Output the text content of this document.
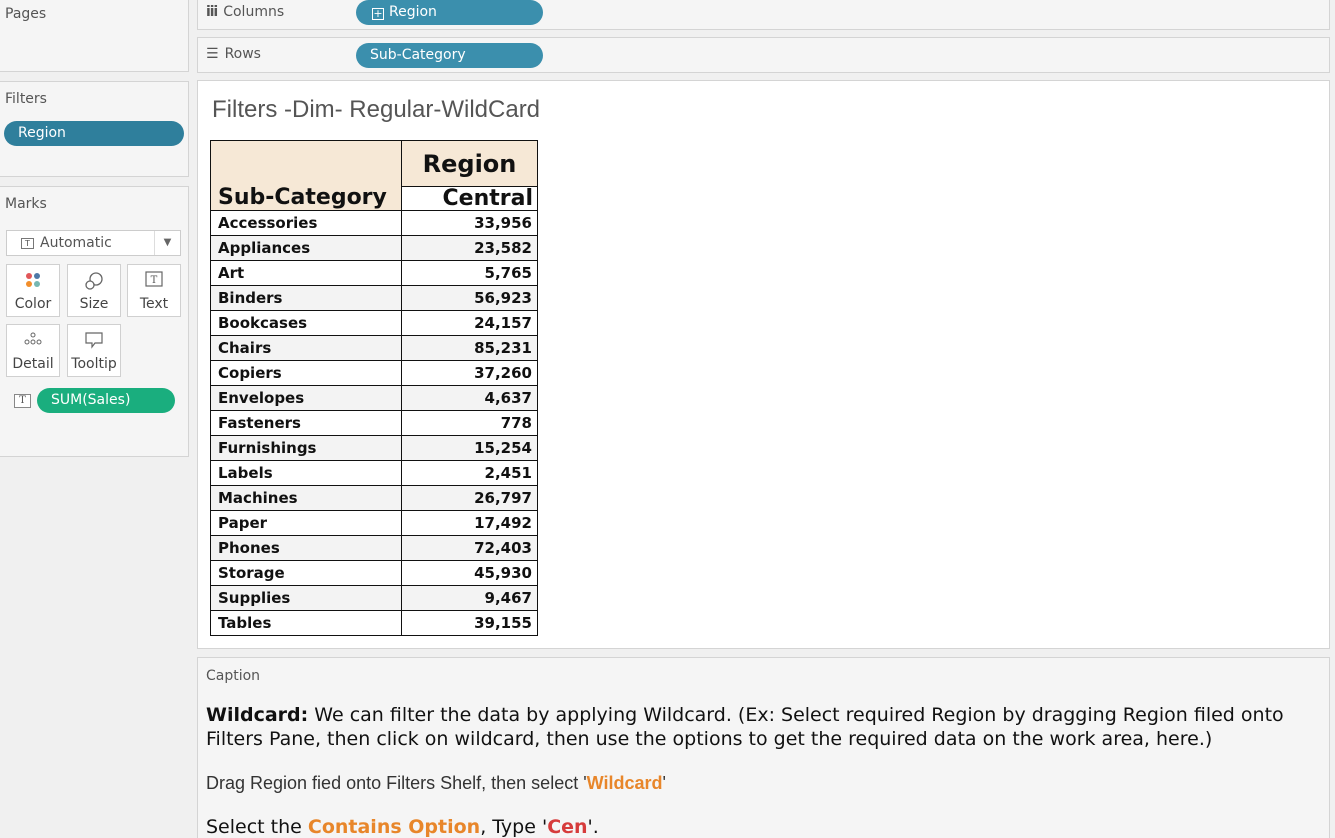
Pages
Filters
Region
Marks
T Automatic	▼
Color	Size
T
Text
Detail	Tooltip
T	SUM(Sales)
ⅲ Columns	+ Region
☰ Rows	Sub-Category
Filters -Dim- Regular-WildCard
Sub-Category	Region
	Central
Accessories	33,956
Appliances	23,582
Art	5,765
Binders	56,923
Bookcases	24,157
Chairs	85,231
Copiers	37,260
Envelopes	4,637
Fasteners	778
Furnishings	15,254
Labels	2,451
Machines	26,797
Paper	17,492
Phones	72,403
Storage	45,930
Supplies	9,467
Tables	39,155
Caption
Wildcard: We can filter the data by applying Wildcard. (Ex: Select required Region by dragging Region filed onto Filters Pane, then click on wildcard, then use the options to get the required data on the work area, here.)
Drag Region fied onto Filters Shelf, then select 'Wildcard'
Select the Contains Option, Type 'Cen'.
